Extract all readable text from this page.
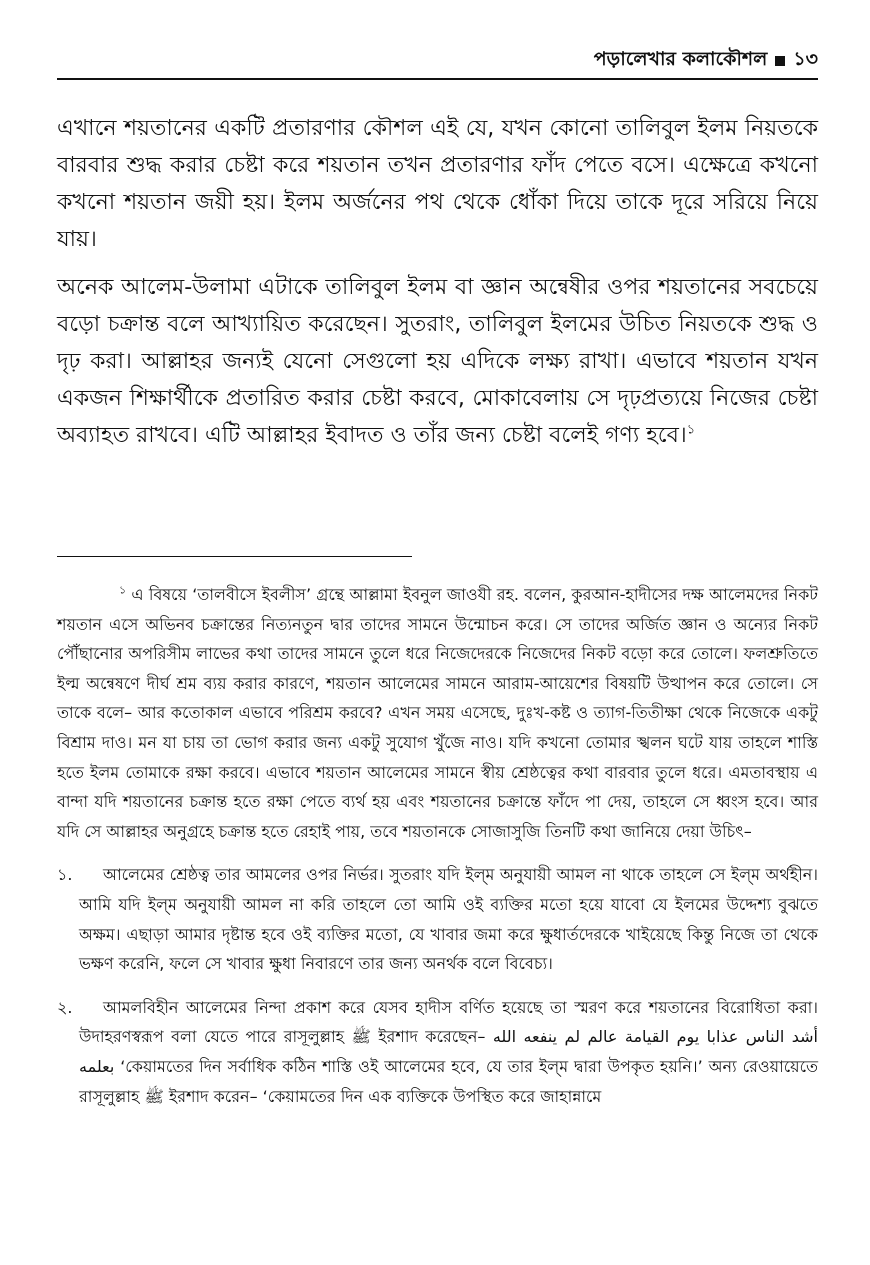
পড়ালেখার কলাকৌশল ১৩

এখানে শয়তানের একটি প্রতারণার কৌশল এই যে, যখন কোনো তালিবুল ইলম নিয়তকে বারবার শুদ্ধ করার চেষ্টা করে শয়তান তখন প্রতারণার ফাঁদ পেতে বসে। এক্ষেত্রে কখনো কখনো শয়তান জয়ী হয়। ইলম অর্জনের পথ থেকে ধোঁকা দিয়ে তাকে দূরে সরিয়ে নিয়ে যায়।

অনেক আলেম-উলামা এটাকে তালিবুল ইলম বা জ্ঞান অন্বেষীর ওপর শয়তানের সবচেয়ে বড়ো চক্রান্ত বলে আখ্যায়িত করেছেন। সুতরাং, তালিবুল ইলমের উচিত নিয়তকে শুদ্ধ ও দৃঢ় করা। আল্লাহর জন্যই যেনো সেগুলো হয় এদিকে লক্ষ্য রাখা। এভাবে শয়তান যখন একজন শিক্ষার্থীকে প্রতারিত করার চেষ্টা করবে, মোকাবেলায় সে দৃঢ়প্রত্যয়ে নিজের চেষ্টা অব্যাহত রাখবে। এটি আল্লাহর ইবাদত ও তাঁর জন্য চেষ্টা বলেই গণ্য হবে।$^১$

$^১$ এ বিষয়ে ‘তালবীসে ইবলীস’ গ্রন্থে আল্লামা ইবনুল জাওযী রহ. বলেন, কুরআন-হাদীসের দক্ষ আলেমদের নিকট শয়তান এসে অভিনব চক্রান্তের নিত্যনতুন দ্বার তাদের সামনে উন্মোচন করে। সে তাদের অর্জিত জ্ঞান ও অন্যের নিকট পৌঁছানোর অপরিসীম লাভের কথা তাদের সামনে তুলে ধরে নিজেদেরকে নিজেদের নিকট বড়ো করে তোলে। ফলশ্রুতিতে ইল্ম অন্বেষণে দীর্ঘ শ্রম ব্যয় করার কারণে, শয়তান আলেমের সামনে আরাম-আয়েশের বিষয়টি উত্থাপন করে তোলে। সে তাকে বলে– আর কতোকাল এভাবে পরিশ্রম করবে? এখন সময় এসেছে, দুঃখ-কষ্ট ও ত্যাগ-তিতীক্ষা থেকে নিজেকে একটু বিশ্রাম দাও। মন যা চায় তা ভোগ করার জন্য একটু সুযোগ খুঁজে নাও। যদি কখনো তোমার স্খলন ঘটে যায় তাহলে শাস্তি হতে ইলম তোমাকে রক্ষা করবে। এভাবে শয়তান আলেমের সামনে স্বীয় শ্রেষ্ঠত্বের কথা বারবার তুলে ধরে। এমতাবস্থায় এ বান্দা যদি শয়তানের চক্রান্ত হতে রক্ষা পেতে ব্যর্থ হয় এবং শয়তানের চক্রান্তে ফাঁদে পা দেয়, তাহলে সে ধ্বংস হবে। আর যদি সে আল্লাহর অনুগ্রহে চক্রান্ত হতে রেহাই পায়, তবে শয়তানকে সোজাসুজি তিনটি কথা জানিয়ে দেয়া উচিৎ–

১.	আলেমের শ্রেষ্ঠত্ব তার আমলের ওপর নির্ভর। সুতরাং যদি ইল্‌ম অনুযায়ী আমল না থাকে তাহলে সে ইল্‌ম অর্থহীন। আমি যদি ইল্‌ম অনুযায়ী আমল না করি তাহলে তো আমি ওই ব্যক্তির মতো হয়ে যাবো যে ইলমের উদ্দেশ্য বুঝতে অক্ষম। এছাড়া আমার দৃষ্টান্ত হবে ওই ব্যক্তির মতো, যে খাবার জমা করে ক্ষুধার্তদেরকে খাইয়েছে কিন্তু নিজে তা থেকে ভক্ষণ করেনি, ফলে সে খাবার ক্ষুধা নিবারণে তার জন্য অনর্থক বলে বিবেচ্য।
২.	আমলবিহীন আলেমের নিন্দা প্রকাশ করে যেসব হাদীস বর্ণিত হয়েছে তা স্মরণ করে শয়তানের বিরোধিতা করা। উদাহরণস্বরূপ বলা যেতে পারে রাসূলুল্লাহ ﷺ ইরশাদ করেছেন– أشد الناس عذابا يوم القيامة عالم لم ينفعه الله بعلمه ‘কেয়ামতের দিন সর্বাধিক কঠিন শাস্তি ওই আলেমের হবে, যে তার ইল্‌ম দ্বারা উপকৃত হয়নি।’ অন্য রেওয়ায়েতে রাসূলুল্লাহ ﷺ ইরশাদ করেন– ‘কেয়ামতের দিন এক ব্যক্তিকে উপস্থিত করে জাহান্নামে
